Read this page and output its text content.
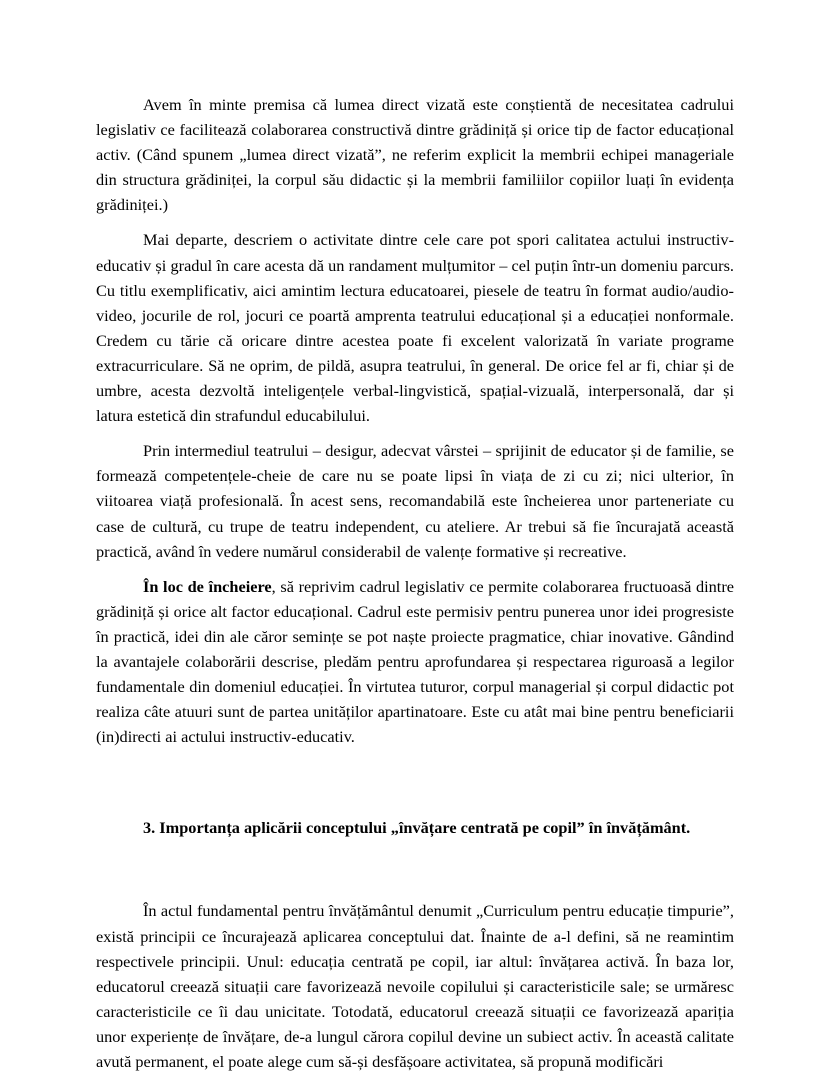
Avem în minte premisa că lumea direct vizată este conștientă de necesitatea cadrului legislativ ce facilitează colaborarea constructivă dintre grădiniță și orice tip de factor educațional activ. (Când spunem „lumea direct vizată”, ne referim explicit la membrii echipei manageriale din structura grădiniței, la corpul său didactic și la membrii familiilor copiilor luați în evidența grădiniței.)

Mai departe, descriem o activitate dintre cele care pot spori calitatea actului instructiv-educativ și gradul în care acesta dă un randament mulțumitor – cel puțin într-un domeniu parcurs. Cu titlu exemplificativ, aici amintim lectura educatoarei, piesele de teatru în format audio/audio-video, jocurile de rol, jocuri ce poartă amprenta teatrului educațional și a educației nonformale. Credem cu tărie că oricare dintre acestea poate fi excelent valorizată în variate programe extracurriculare. Să ne oprim, de pildă, asupra teatrului, în general. De orice fel ar fi, chiar și de umbre, acesta dezvoltă inteligențele verbal-lingvistică, spațial-vizuală, interpersonală, dar și latura estetică din strafundul educabilului.

Prin intermediul teatrului – desigur, adecvat vârstei – sprijinit de educator și de familie, se formează competențele-cheie de care nu se poate lipsi în viața de zi cu zi; nici ulterior, în viitoarea viață profesională. În acest sens, recomandabilă este încheierea unor parteneriate cu case de cultură, cu trupe de teatru independent, cu ateliere. Ar trebui să fie încurajată această practică, având în vedere numărul considerabil de valențe formative și recreative.

În loc de încheiere, să reprivim cadrul legislativ ce permite colaborarea fructuoasă dintre grădiniță și orice alt factor educațional. Cadrul este permisiv pentru punerea unor idei progresiste în practică, idei din ale căror semințe se pot naște proiecte pragmatice, chiar inovative. Gândind la avantajele colaborării descrise, pledăm pentru aprofundarea și respectarea riguroasă a legilor fundamentale din domeniul educației. În virtutea tuturor, corpul managerial și corpul didactic pot realiza câte atuuri sunt de partea unităților apartinatoare. Este cu atât mai bine pentru beneficiarii (in)directi ai actului instructiv-educativ.

3. Importanța aplicării conceptului „învățare centrată pe copil” în învățământ.

În actul fundamental pentru învățământul denumit „Curriculum pentru educație timpurie”, există principii ce încurajează aplicarea conceptului dat. Înainte de a-l defini, să ne reamintim respectivele principii. Unul: educația centrată pe copil, iar altul: învățarea activă. În baza lor, educatorul creează situații care favorizează nevoile copilului și caracteristicile sale; se urmăresc caracteristicile ce îi dau unicitate. Totodată, educatorul creează situații ce favorizează apariția unor experiențe de învățare, de-a lungul cărora copilul devine un subiect activ. În această calitate avută permanent, el poate alege cum să-și desfășoare activitatea, să propună modificări
